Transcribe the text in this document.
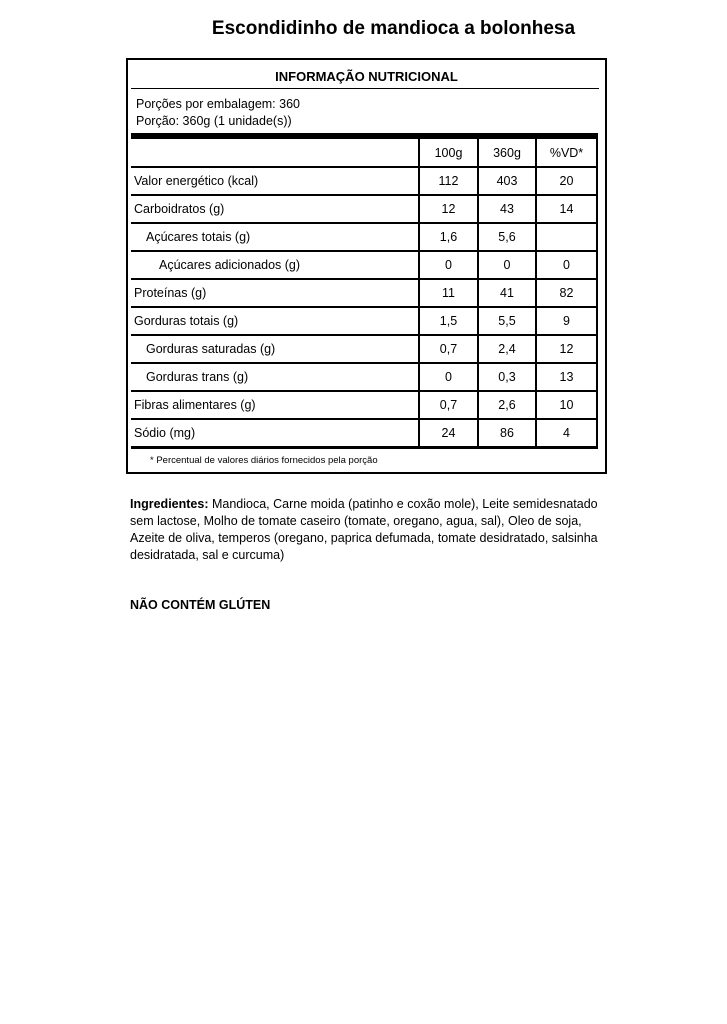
Escondidinho de mandioca a bolonhesa
INFORMAÇÃO NUTRICIONAL
Porções por embalagem: 360
Porção: 360g (1 unidade(s))
100g	360g	%VD*
Valor energético (kcal)	112	403	20
Carboidratos (g)	12	43	14
Açúcares totais (g)	1,6	5,6
Açúcares adicionados (g)	0	0	0
Proteínas (g)	11	41	82
Gorduras totais (g)	1,5	5,5	9
Gorduras saturadas (g)	0,7	2,4	12
Gorduras trans (g)	0	0,3	13
Fibras alimentares (g)	0,7	2,6	10
Sódio (mg)	24	86	4
* Percentual de valores diários fornecidos pela porção

Ingredientes: Mandioca, Carne moida (patinho e coxão mole), Leite semidesnatado sem lactose, Molho de tomate caseiro (tomate, oregano, agua, sal), Oleo de soja, Azeite de oliva, temperos (oregano, paprica defumada, tomate desidratado, salsinha desidratada, sal e curcuma)

NÃO CONTÉM GLÚTEN
